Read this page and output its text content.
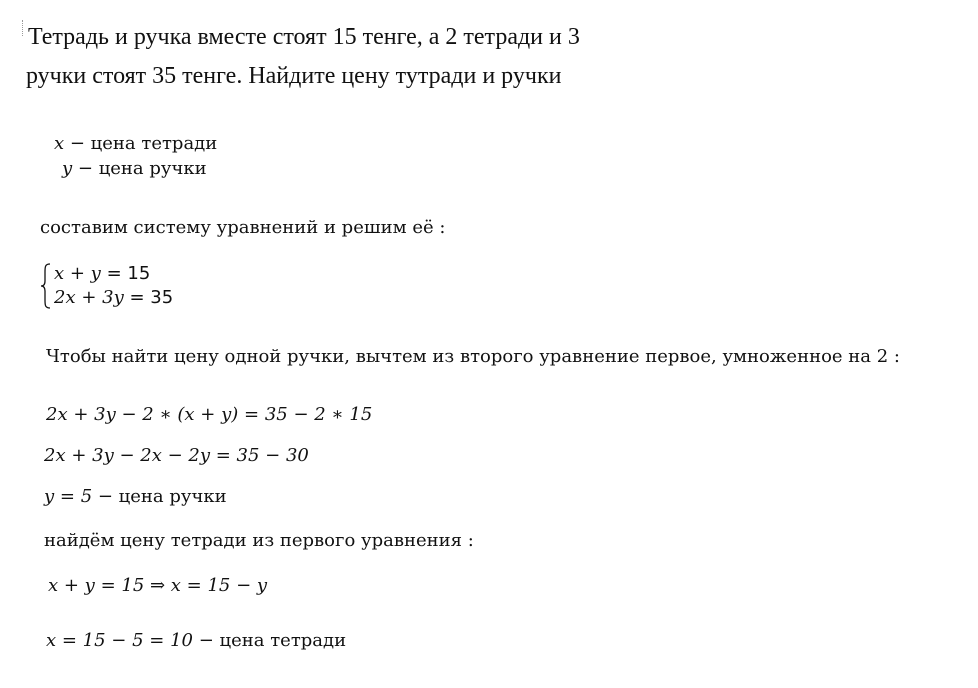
Тетрадь и ручка вместе стоят 15 тенге, а 2 тетради и 3
ручки стоят 35 тенге. Найдите цену тутради и ручки
x − цена тетради
y − цена ручки
составим систему уравнений и решим её :
x + y = 15
2x + 3y = 35
Чтобы найти цену одной ручки, вычтем из второго уравнение первое, умноженное на 2 :
2x + 3y − 2 ∗ (x + y) = 35 − 2 ∗ 15
2x + 3y − 2x − 2y = 35 − 30
y = 5 − цена ручки
найдём цену тетради из первого уравнения :
x + y = 15 ⇒ x = 15 − y
x = 15 − 5 = 10 − цена тетради
